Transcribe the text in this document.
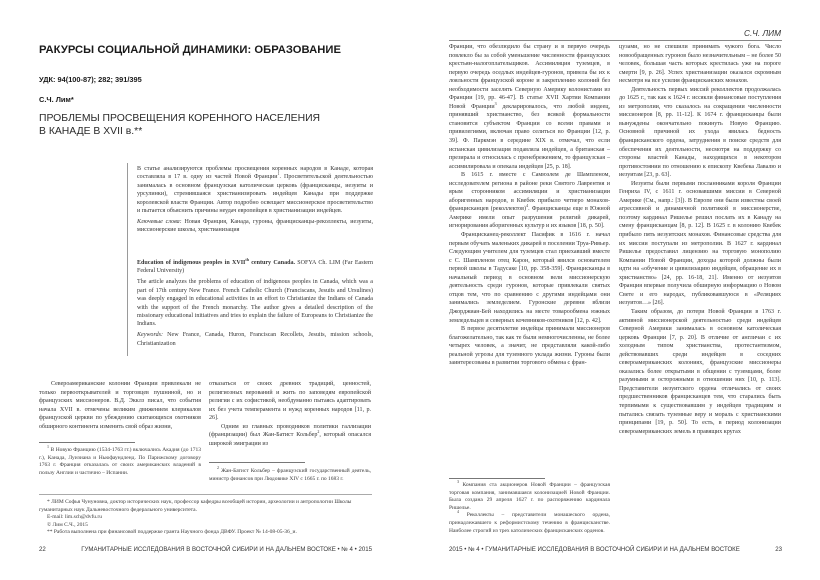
РАКУРСЫ СОЦИАЛЬНОЙ ДИНАМИКИ: ОБРАЗОВАНИЕ
УДК: 94(100-87); 282; 391/395
С.Ч. Лим*
ПРОБЛЕМЫ ПРОСВЕЩЕНИЯ КОРЕННОГО НАСЕЛЕНИЯ
В КАНАДЕ В XVII в.**

В статье анализируются проблемы просвещения коренных народов в Канаде, которая составляла в 17 в. одну из частей Новой Франции$^1$. Просветительской деятельностью занималась в основном французская католическая церковь (францисканцы, иезуиты и урсулинки), стремившаяся христианизировать индейцев Канады при поддержке королевской власти Франции. Автор подробно освещает миссионерское просветительство и пытается объяснить причины неудач европейцев в христианизации индейцев.

Ключевые слова: Новая Франция, Канада, гуроны, францисканцы-реколлекты, иезуиты, миссионерские школы, христианизация

Education of indigenous peoples in XVIIth century Canada. SOFYA Ch. LIM (Far Eastern Federal University)

The article analyzes the problems of education of indigenous peoples in Canada, which was a part of 17th century New France. French Catholic Church (Franciscans, Jesuits and Ursulines) was deeply engaged in educational activities in an effort to Christianize the Indians of Canada with the support of the French monarchy. The author gives a detailed description of the missionary educational initiatives and tries to explain the failure of Europeans to Christianize the Indians.

Keywords: New France, Canada, Huron, Franciscan Recollets, Jesuits, mission schools, Christianization

Североамериканские колонии Франции привлекали не только первооткрывателей и торговцев пушниной, но и французских миссионеров. В.Д. Экклз писал, что события начала XVII в. отмечены великим движением клерикалов французской церкви по убеждению скитающихся охотников обширного континента изменить свой образ жизни,

отказаться от своих древних традиций, ценностей, религиозных верований и жить по заповедям европейской религии с их софистикой, необдуманно пытаясь адаптировать их без учета темперамента и нужд коренных народов [11, p. 26].

Одним из главных проводников политики галлизации (францизации) был Жан-Батист Кольбер$^2$, который опасался широкой эмиграции из

$^1$ В Новую Францию (1534-1763 гг.) включались Акадия (до 1713 г.), Канада, Луизиана и Ньюфаундленд. По Парижскому договору 1763 г. Франция отказалась от своих американских владений в пользу Англии и частично – Испании.

$^2$ Жан-Батист Кольбер – французский государственный деятель, министр финансов при Людовике XIV с 1665 г. по 1683 г.

* ЛИМ Софья Чунуновна, доктор исторических наук, профессор кафедры всеобщей истории, археологии и антропологии Школы гуманитарных наук Дальневосточного федерального университета.

E-mail: lim.sch@dvfu.ru

© Лим С.Ч., 2015

** Работа выполнена при финансовой поддержке гранта Научного фонда ДВФУ. Проект № 14-08-05-36_и.

22	ГУМАНИТАРНЫЕ ИССЛЕДОВАНИЯ В ВОСТОЧНОЙ СИБИРИ И НА ДАЛЬНЕМ ВОСТОКЕ • № 4 • 2015
С.Ч. ЛИМ

Франции, что обезлюдило бы страну и в первую очередь повлекло бы за собой уменьшение численности французских крестьян-налогоплательщиков. Ассимиляция туземцев, в первую очередь оседлых индейцев-гуронов, привела бы их к лояльности французской короне и закреплению колоний без необходимости заселять Северную Америку колонистами из Франции [19, pp. 46-47]. В статье XVII Хартии Компании Новой Франции$^3$ декларировалось, что любой индеец, принявший христианство, без всякой формальности становится субъектом Франции со всеми правами и привилегиями, включая право селиться во Франции [12, p. 39]. Ф. Паркмэн в середине XIX в. отмечал, что если испанская цивилизация подавляла индейцев, а британская – презирала и относилась с пренебрежением, то французская – ассимилировала и опекала индейцев [25, p. 18].

В 1615 г. вместе с Самюэлем де Шампленом, исследователем региона в районе реки Святого Лаврентия и ярым сторонником ассимиляции и христианизации аборигенных народов, в Квебек прибыло четверо монахов-францисканцев (реколлектов)$^4$. Францисканцы еще в Южной Америке имели опыт разрушения религий дикарей, игнорирования аборигенных культур и их языков [18, p. 50].

Францисканец-реколлект Пасифик в 1616 г. начал первым обучать маленьких дикарей в поселении Труа-Ривьер. Следующим учителем для туземцев стал приехавший вместе с С. Шампленом отец Карон, который явился основателем первой школы в Тадусаке [10, pp. 358-359]. Францисканцы в начальный период в основном вели миссионерскую деятельность среди гуронов, которые привлекали святых отцов тем, что по сравнению с другими индейцами они занимались земледелием. Гуронские деревни вблизи Джорджиан-Бей находились на месте товарообмена южных земледельцев и северных кочевников-охотников [12, p. 42].

В первое десятилетие индейцы принимали миссионеров благожелательно, так как те были немногочисленны, не более четырех человек, а значит, не представляли какой-либо реальной угрозы для туземного уклада жизни. Гуроны были заинтересованы в развитии торгового обмена с фран-

цузами, но не спешили принимать чужого бога. Число новообращенных гуронов было незначительным – не более 50 человек, большая часть которых крестилась уже на пороге смерти [9, p. 26]. Успех христианизации оказался скромным несмотря на все усилия францисканских монахов.

Деятельность первых миссий реколлектов продолжалась до 1625 г., так как к 1624 г. иссякли финансовые поступления из метрополии, что сказалось на сокращении численности миссионеров [8, pp. 11-12]. К 1674 г. францисканцы были вынуждены окончательно покинуть Новую Францию. Основной причиной их ухода явилась бедность францисканского ордена, затруднения в поиске средств для обеспечения их деятельности, несмотря на поддержку со стороны властей Канады, находящихся в некотором противостоянии по отношению к епископу Квебека Лавалю и иезуитам [23, p. 63].

Иезуиты были первыми посланниками короля Франции Генриха IV, с 1611 г. основавшими миссии в Северной Америке (См., напр.: [3]). В Европе они были известны своей агрессивной и динамичной политикой в миссионерстве, поэтому кардинал Ришелье решил послать их в Канаду на смену францисканцам [8, p. 12]. В 1625 г. в колонию Квебек прибыло пять иезуитских монахов. Финансовые средства для их миссии поступали из метрополии. В 1627 г. кардинал Ришелье предоставил лицензию на торговую монополию Компании Новой Франции, доходы которой должны были идти на «обучение и цивилизацию индейцев, обращение их в христианство» [24, pp. 16-18, 21]. Именно от иезуитов Франция впервые получила обширную информацию о Новом Свете и его народах, публиковавшуюся в «Реляциях иезуитов…» [26].

Таким образом, до потери Новой Франции в 1763 г. активной миссионерской деятельностью среди индейцев Северной Америки занималась в основном католическая церковь Франции [7, p. 20]. В отличие от англичан с их холодным типом христианства, протестантизмом, действовавших среди индейцев в соседних североамериканских колониях, французские миссионеры оказались более открытыми в общении с туземцами, более разумными и осторожными в отношении них [10, p. 113]. Представители иезуитского ордена отличались от своих предшественников францисканцев тем, что старались быть терпимыми к существовавшим у индейцев традициям и пытались связать туземные веру и мораль с христианскими принципами [19, p. 50]. То есть, в период колонизации североамериканских земель в правящих кругах

$^3$ Компания ста акционеров Новой Франции – французская торговая компания, занимавшаяся колонизацией Новой Франции. Была создана 29 апреля 1627 г. по распоряжению кардинала Ришелье.

$^4$ Реколлекты – представители монашеского ордена, принадлежавшего к реформистскому течению в францисканстве. Наиболее строгий из трех католических францисканских орденов.

2015 • № 4 • ГУМАНИТАРНЫЕ ИССЛЕДОВАНИЯ В ВОСТОЧНОЙ СИБИРИ И НА ДАЛЬНЕМ ВОСТОКЕ	23
